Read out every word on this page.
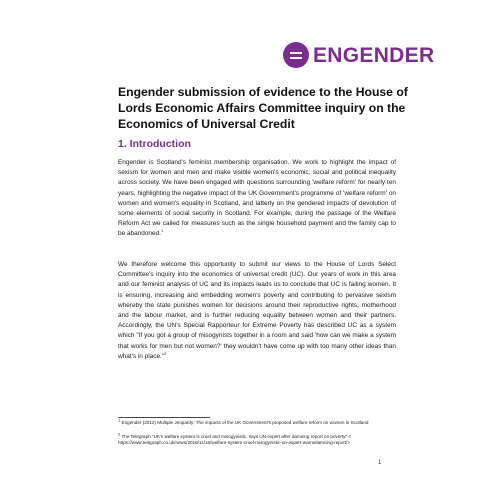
ENGENDER
Engender submission of evidence to the House of Lords Economic Affairs Committee inquiry on the Economics of Universal Credit
1. Introduction

Engender is Scotland's feminist membership organisation. We work to highlight the impact of sexism for women and men and make visible women's economic, social and political inequality across society. We have been engaged with questions surrounding 'welfare reform' for nearly ten years, highlighting the negative impact of the UK Government's programme of 'welfare reform' on women and women's equality in Scotland, and latterly on the gendered impacts of devolution of some elements of social security in Scotland. For example, during the passage of the Welfare Reform Act we called for measures such as the single household payment and the family cap to be abandoned.$^1$

We therefore welcome this opportunity to submit our views to the House of Lords Select Committee's inquiry into the economics of universal credit (UC). Our years of work in this area and our feminist analysis of UC and its impacts leads us to conclude that UC is failing women. It is ensuring, increasing and embedding women's poverty and contributing to pervasive sexism whereby the state punishes women for decisions around their reproductive rights, motherhood and the labour market, and is further reducing equality between women and their partners. Accordingly, the UN's Special Rapporteur for Extreme Poverty has described UC as a system which "If you got a group of misogynists together in a room and said 'how can we make a system that works for men but not women?' they wouldn't have come up with too many other ideas than what's in place."$^2$

$^1$ Engender (2012) Multiple Jeopardy: The impacts of the UK Government's proposed welfare reform on women in Scotland

$^2$ The Telegraph "UK's welfare system is cruel and misogynistic, says UN expert after damning report on poverty" < https://www.telegraph.co.uk/news/2018/11/16/welfare-system-cruel-misogynistic-un-expert-warnsdamning-report/>

1
